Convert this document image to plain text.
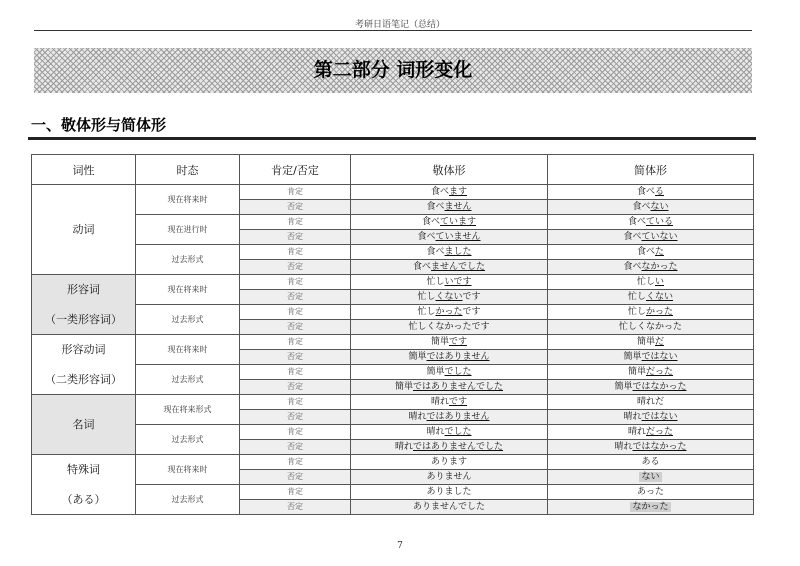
考研日语笔记（总结）
第二部分 词形变化
一、敬体形与简体形
词性	时态	肯定/否定	敬体形	简体形

动词	现在将来时	肯定	食べます	食べる
		否定	食べません	食べない
	现在进行时	肯定	食べています	食べている
		否定	食べていません	食べていない
	过去形式	肯定	食べました	食べた
		否定	食べませんでした	食べなかった

形容词
（一类形容词）	现在将来时	肯定	忙しいです	忙しい
		否定	忙しくないです	忙しくない
	过去形式	肯定	忙しかったです	忙しかった
		否定	忙しくなかったです	忙しくなかった

形容动词
（二类形容词）	现在将来时	肯定	簡単です	簡単だ
		否定	簡単ではありません	簡単ではない
	过去形式	肯定	簡単でした	簡単だった
		否定	簡単ではありませんでした	簡単ではなかった

名词	现在将来形式	肯定	晴れです	晴れだ
		否定	晴れではありません	晴れではない
	过去形式	肯定	晴れでした	晴れだった
		否定	晴れではありませんでした	晴れではなかった

特殊词
（ある）	现在将来时	肯定	あります	ある
		否定	ありません	ない
	过去形式	肯定	ありました	あった
		否定	ありませんでした	なかった
7
